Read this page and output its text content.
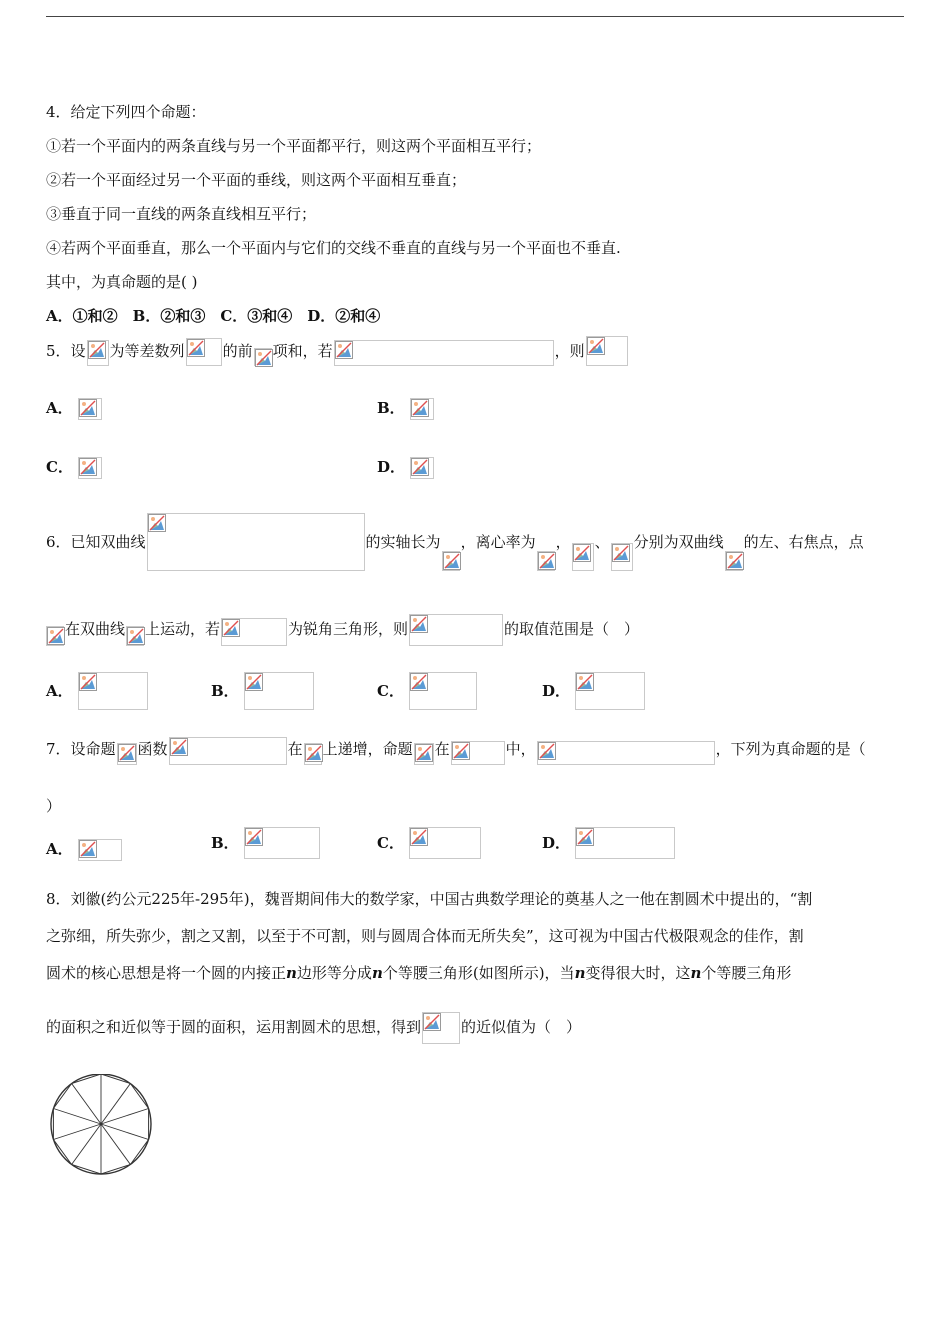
4．给定下列四个命题：
①若一个平面内的两条直线与另一个平面都平行，则这两个平面相互平行；
②若一个平面经过另一个平面的垂线，则这两个平面相互垂直；
③垂直于同一直线的两条直线相互平行；
④若两个平面垂直，那么一个平面内与它们的交线不垂直的直线与另一个平面也不垂直.
其中，为真命题的是( )
A．①和②　B．②和③　C．③和④　D．②和④
5．设 为等差数列	的前 项和，若	，则
A．	B．
C．	D．
6．已知双曲线	的实轴长为 ，离心率为 ， 、 分别为双曲线 的左、右焦点，点
在双曲线 上运动，若	为锐角三角形，则	的取值范围是（　）
A．	B．	C．	D．
7．设命题 函数	在 上递增，命题 在	中，	，下列为真命题的是（
）
A．	B．	C．	D．
8．刘徽(约公元225年-295年)，魏晋期间伟大的数学家，中国古典数学理论的奠基人之一他在割圆术中提出的，“割
之弥细，所失弥少，割之又割，以至于不可割，则与圆周合体而无所失矣”，这可视为中国古代极限观念的佳作，割
圆术的核心思想是将一个圆的内接正n边形等分成n个等腰三角形(如图所示)，当n变得很大时，这n个等腰三角形
的面积之和近似等于圆的面积，运用割圆术的思想，得到	的近似值为（　）
